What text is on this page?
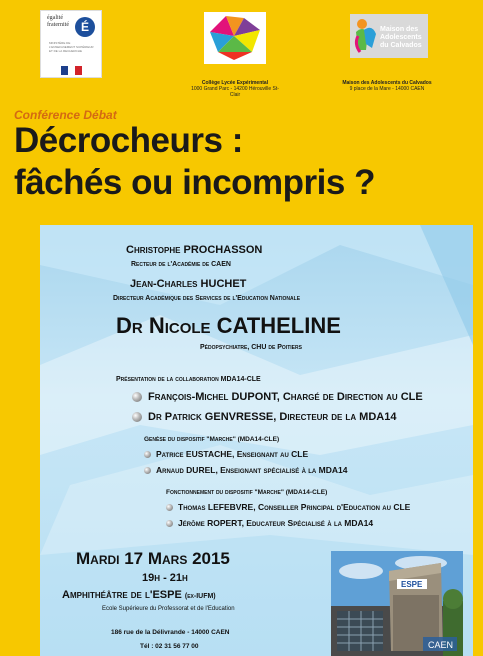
égalité
fraternité	É
MINISTÈRE DE L'ENSEIGNEMENT SUPÉRIEUR ET DE LA RECHERCHE
Maison des Adolescents du Calvados
Collège Lycée Expérimental
1000 Grand Parc - 14200 Hérouville St-Clair
Maison des Adolescents du Calvados
9 place de la Mare - 14000 CAEN
Conférence Débat
Décrocheurs :
fâchés ou incompris ?
Christophe PROCHASSON
Recteur de l'Académie de CAEN
Jean-Charles HUCHET
Directeur Académique des Services de l'Education Nationale
Dr Nicole CATHELINE
Pédopsychiatre, CHU de Poitiers
Présentation de la collaboration MDA14-CLE
François-Michel DUPONT, Chargé de Direction au CLE
Dr Patrick GENVRESSE, Directeur de la MDA14
Genèse du dispositif "Marche" (MDA14-CLE)
Patrice EUSTACHE, Enseignant au CLE
Arnaud DUREL, Enseignant spécialisé à la MDA14
Fonctionnement du dispositif "Marche" (MDA14-CLE)
Thomas LEFEBVRE, Conseiller Principal d'Education au CLE
Jérôme ROPERT, Educateur Spécialisé à la MDA14
Mardi 17 Mars 2015
19h - 21h
Amphithéâtre de l'ESPE (ex-IUFM)
Ecole Supérieure du Professorat et de l'Education
186 rue de la Délivrande - 14000 CAEN
Tél : 02 31 56 77 00
ESPE
CAEN
